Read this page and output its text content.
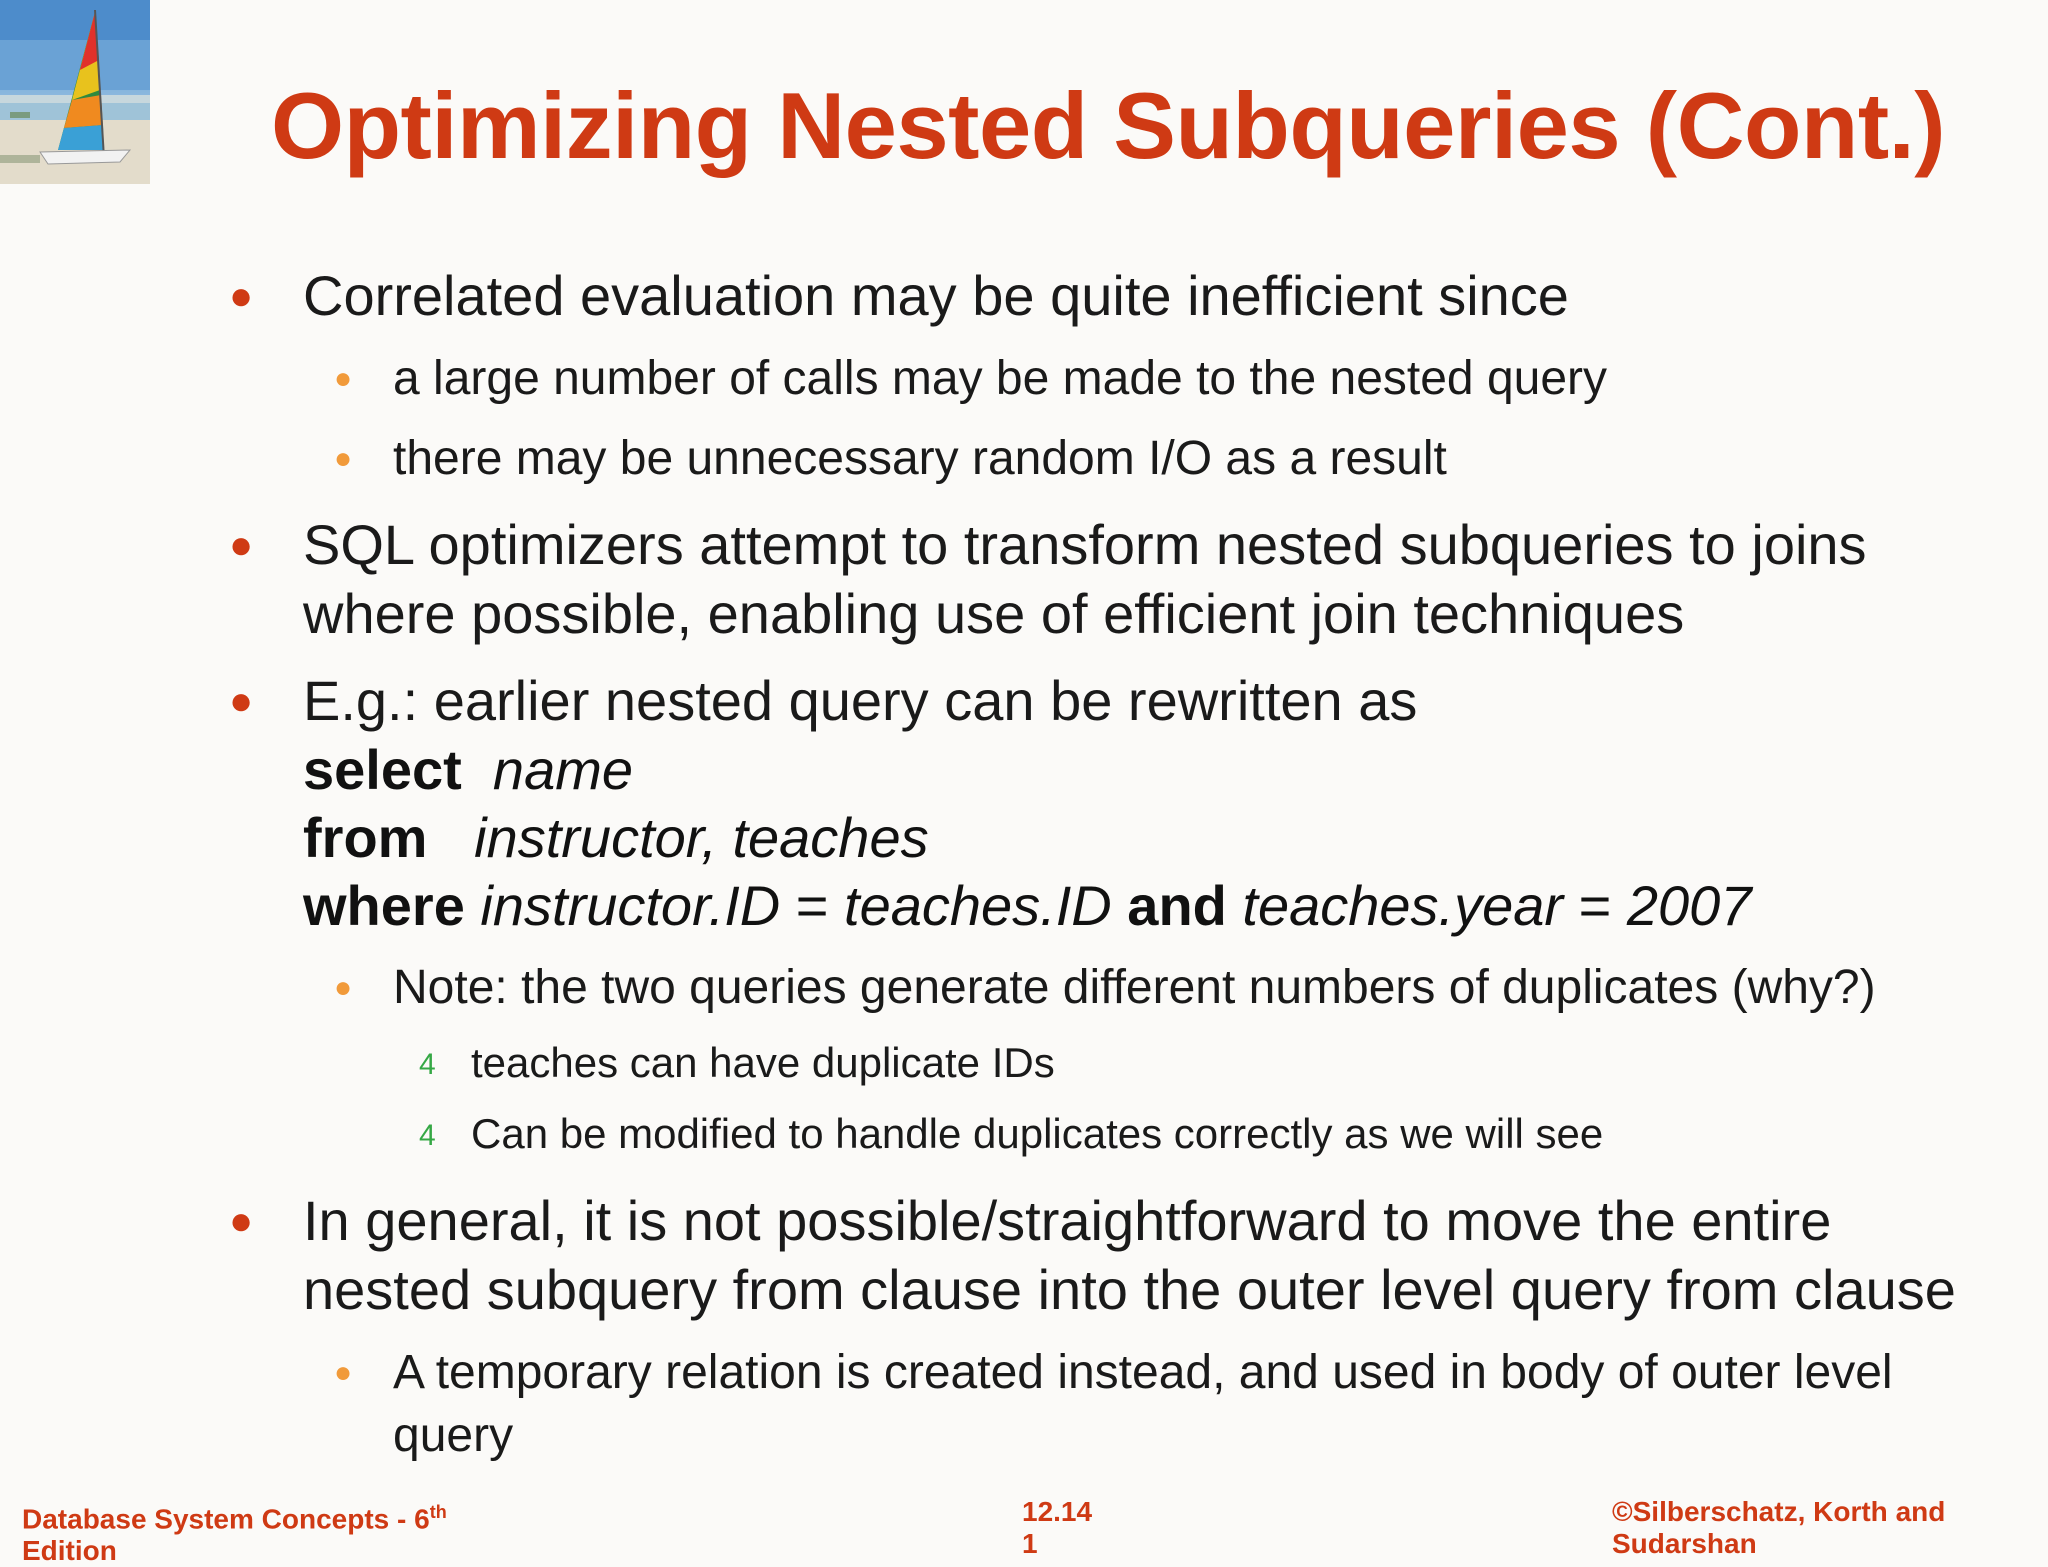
Optimizing Nested Subqueries (Cont.)
● Correlated evaluation may be quite inefficient since
● a large number of calls may be made to the nested query
● there may be unnecessary random I/O as a result
● SQL optimizers attempt to transform nested subqueries to joins
where possible, enabling use of efficient join techniques
● E.g.: earlier nested query can be rewritten as
select name
from instructor, teaches
where instructor.ID = teaches.ID and teaches.year = 2007
● Note: the two queries generate different numbers of duplicates (why?)
4 teaches can have duplicate IDs
4 Can be modified to handle duplicates correctly as we will see
● In general, it is not possible/straightforward to move the entire
nested subquery from clause into the outer level query from clause
● A temporary relation is created instead, and used in body of outer level
query
Database System Concepts - 6th
Edition
12.14
1
©Silberschatz, Korth and
Sudarshan
